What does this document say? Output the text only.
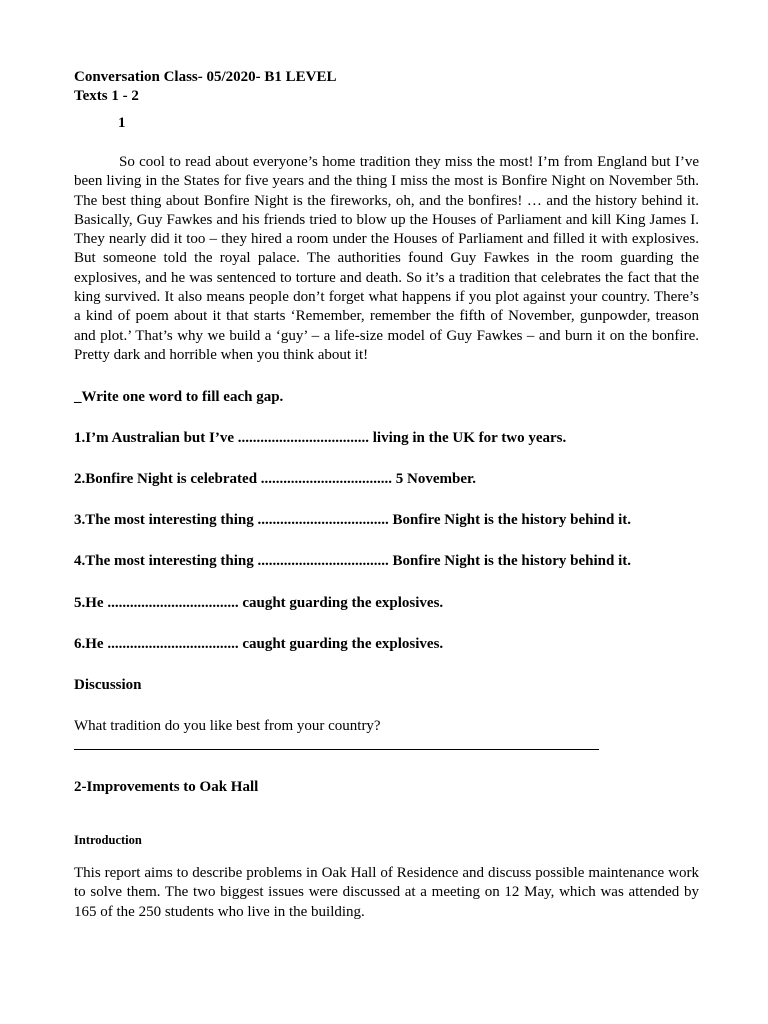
Conversation Class- 05/2020- B1 LEVEL

Texts 1 - 2

1

So cool to read about everyone’s home tradition they miss the most! I’m from England but I’ve been living in the States for five years and the thing I miss the most is Bonfire Night on November 5th. The best thing about Bonfire Night is the fireworks, oh, and the bonfires! … and the history behind it. Basically, Guy Fawkes and his friends tried to blow up the Houses of Parliament and kill King James I. They nearly did it too – they hired a room under the Houses of Parliament and filled it with explosives. But someone told the royal palace. The authorities found Guy Fawkes in the room guarding the explosives, and he was sentenced to torture and death. So it’s a tradition that celebrates the fact that the king survived. It also means people don’t forget what happens if you plot against your country. There’s a kind of poem about it that starts ‘Remember, remember the fifth of November, gunpowder, treason and plot.’ That’s why we build a ‘guy’ – a life-size model of Guy Fawkes – and burn it on the bonfire. Pretty dark and horrible when you think about it!

_Write one word to fill each gap.

1.I’m Australian but I’ve ................................... living in the UK for two years.

2.Bonfire Night is celebrated ................................... 5 November.

3.The most interesting thing ................................... Bonfire Night is the history behind it.

4.The most interesting thing ................................... Bonfire Night is the history behind it.

5.He ................................... caught guarding the explosives.

6.He ................................... caught guarding the explosives.

Discussion

What tradition do you like best from your country?

2-Improvements to Oak Hall

Introduction

This report aims to describe problems in Oak Hall of Residence and discuss possible maintenance work to solve them. The two biggest issues were discussed at a meeting on 12 May, which was attended by 165 of the 250 students who live in the building.
